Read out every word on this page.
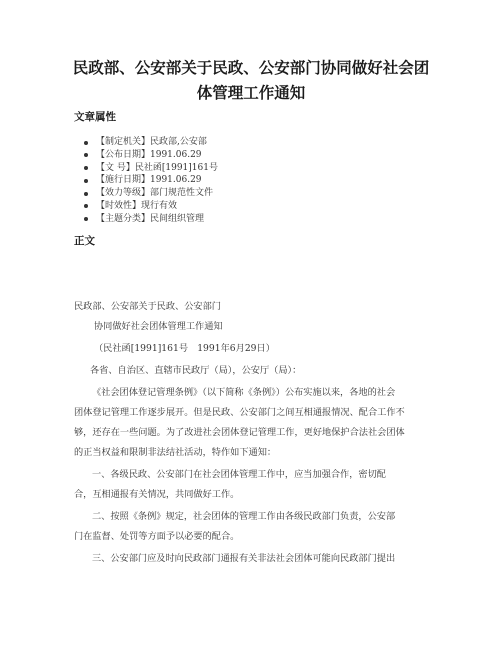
民政部、公安部关于民政、公安部门协同做好社会团
体管理工作通知
文章属性
【制定机关】民政部,公安部
【公布日期】1991.06.29
【文 号】民社函[1991]161号
【施行日期】1991.06.29
【效力等级】部门规范性文件
【时效性】现行有效
【主题分类】民间组织管理
正文
民政部、公安部关于民政、公安部门
协同做好社会团体管理工作通知
（民社函[1991]161号　1991年6月29日）
各省、自治区、直辖市民政厅（局），公安厅（局）：
《社会团体登记管理条例》（以下简称《条例》）公布实施以来，各地的社会
团体登记管理工作逐步展开。但是民政、公安部门之间互相通报情况、配合工作不
够，还存在一些问题。为了改进社会团体登记管理工作，更好地保护合法社会团体
的正当权益和限制非法结社活动，特作如下通知：
一、各级民政、公安部门在社会团体管理工作中，应当加强合作，密切配
合，互相通报有关情况，共同做好工作。
二、按照《条例》规定，社会团体的管理工作由各级民政部门负责，公安部
门在监督、处罚等方面予以必要的配合。
三、公安部门应及时向民政部门通报有关非法社会团体可能向民政部门提出
